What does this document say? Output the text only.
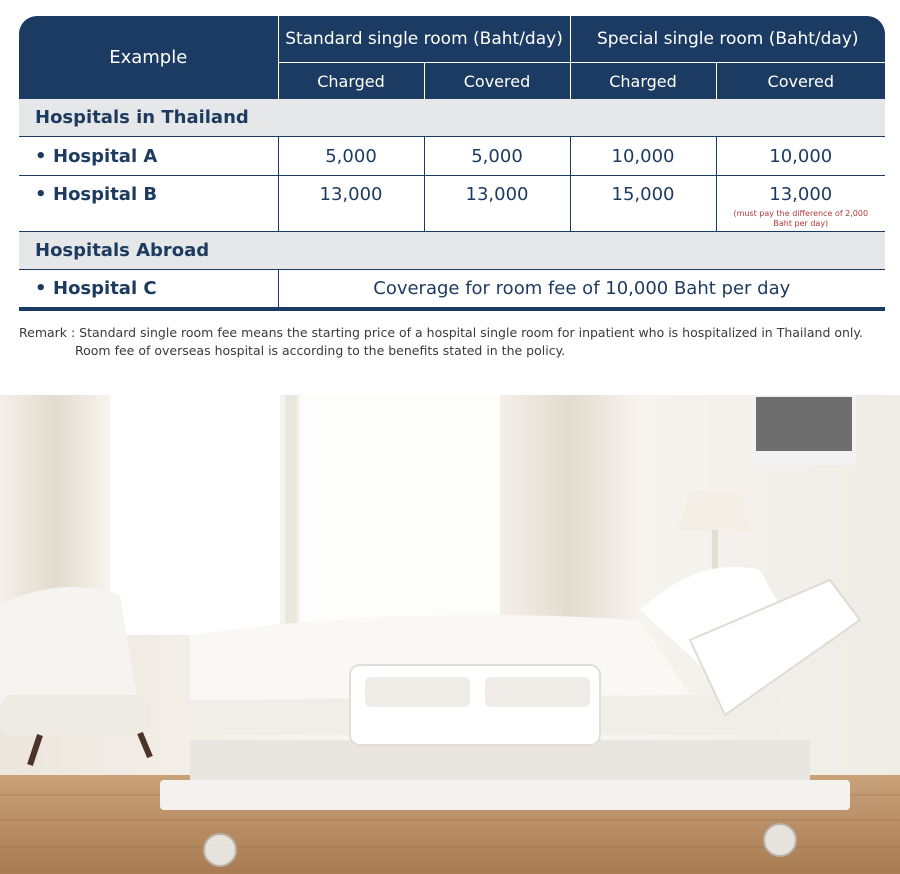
Example	Standard single room (Baht/day)		Special single room (Baht/day)	
	Charged	Covered	Charged	Covered
Hospitals in Thailand				
• Hospital A	5,000	5,000	10,000	10,000

• Hospital B	13,000	13,000	15,000	13,000
(must pay the difference of 2,000 Baht per day)

Hospitals Abroad				
• Hospital C	Coverage for room fee of 10,000 Baht per day			
Remark : Standard single room fee means the starting price of a hospital single room for inpatient who is hospitalized in Thailand only.
Room fee of overseas hospital is according to the benefits stated in the policy.
